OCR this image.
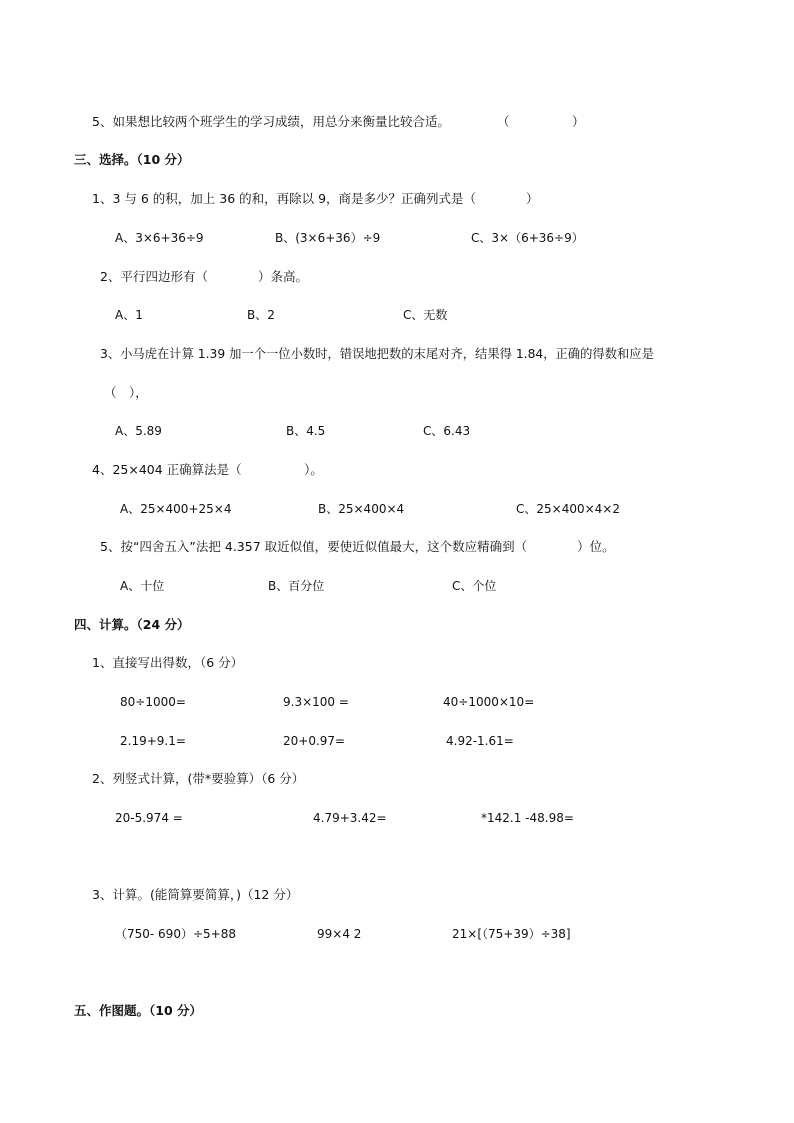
5、如果想比较两个班学生的学习成绩，用总分来衡量比较合适。	（　　　　　）
三、选择。（10 分）
1、3 与 6 的积，加上 36 的和，再除以 9，商是多少？正确列式是（　　　　）
A、3×6+36÷9	B、(3×6+36）÷9	C、3×（6+36÷9）
2、平行四边形有（　　　　）条高。
A、1	B、2	C、无数
3、小马虎在计算 1.39 加一个一位小数时，错误地把数的末尾对齐，结果得 1.84，正确的得数和应是
（　），
A、5.89	B、4.5	C、6.43
4、25×404 正确算法是（　　　　　）。
A、25×400+25×4	B、25×400×4	C、25×400×4×2
5、按“四舍五入”法把 4.357 取近似值，要使近似值最大，这个数应精确到（　　　　）位。
A、十位	B、百分位	C、个位
四、计算。（24 分）
1、直接写出得数，（6 分）
80÷1000=	9.3×100 =	40÷1000×10=
2.19+9.1=	20+0.97=	4.92-1.61=
2、列竖式计算，(带*要验算）（6 分）
20-5.974 =	4.79+3.42=	*142.1 -48.98=
3、计算。(能简算要简算，)（12 分）
（750- 690）÷5+88	99×4 2	21×[（75+39）÷38]
五、作图题。（10 分）
